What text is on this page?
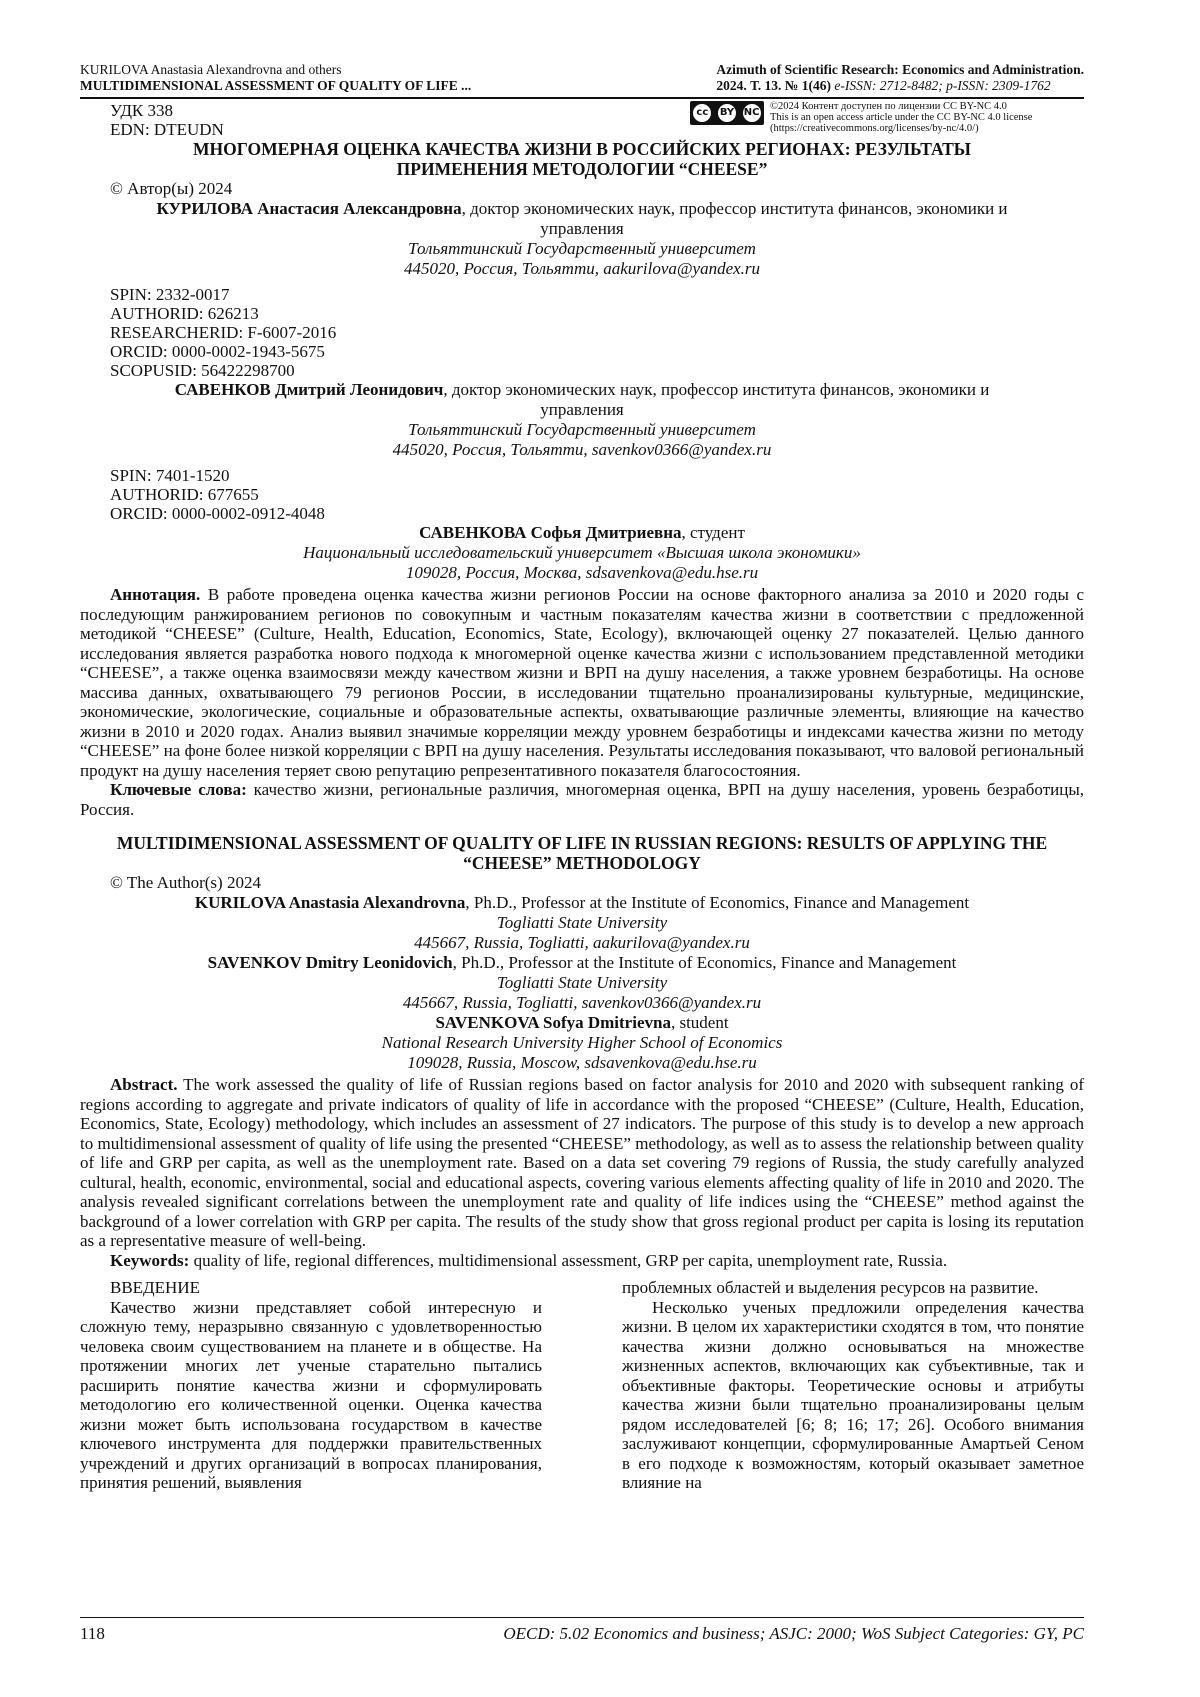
KURILOVA Anastasia Alexandrovna and others
MULTIDIMENSIONAL ASSESSMENT OF QUALITY OF LIFE ...
Azimuth of Scientific Research: Economics and Administration.
2024. Т. 13. № 1(46) e-ISSN: 2712-8482; p-ISSN: 2309-1762
УДК 338
EDN: DTEUDN
cc	BY NC
©2024 Контент доступен по лицензии CC BY-NC 4.0
This is an open access article under the CC BY-NC 4.0 license
(https://creativecommons.org/licenses/by-nc/4.0/)
МНОГОМЕРНАЯ ОЦЕНКА КАЧЕСТВА ЖИЗНИ В РОССИЙСКИХ РЕГИОНАХ: РЕЗУЛЬТАТЫ ПРИМЕНЕНИЯ МЕТОДОЛОГИИ “CHEESE”
© Автор(ы) 2024
КУРИЛОВА Анастасия Александровна, доктор экономических наук, профессор института финансов, экономики и управления
Тольяттинский Государственный университет
445020, Россия, Тольятти, aakurilova@yandex.ru
SPIN: 2332-0017
AUTHORID: 626213
RESEARCHERID: F-6007-2016
ORCID: 0000-0002-1943-5675
SCOPUSID: 56422298700
САВЕНКОВ Дмитрий Леонидович, доктор экономических наук, профессор института финансов, экономики и управления
Тольяттинский Государственный университет
445020, Россия, Тольятти, savenkov0366@yandex.ru
SPIN: 7401-1520
AUTHORID: 677655
ORCID: 0000-0002-0912-4048
САВЕНКОВА Софья Дмитриевна, студент
Национальный исследовательский университет «Высшая школа экономики»
109028, Россия, Москва, sdsavenkova@edu.hse.ru
Аннотация. В работе проведена оценка качества жизни регионов России на основе факторного анализа за 2010 и 2020 годы с последующим ранжированием регионов по совокупным и частным показателям качества жизни в соответствии с предложенной методикой “CHEESE” (Culture, Health, Education, Economics, State, Ecology), включающей оценку 27 показателей. Целью данного исследования является разработка нового подхода к многомерной оценке качества жизни с использованием представленной методики “CHEESE”, а также оценка взаимосвязи между качеством жизни и ВРП на душу населения, а также уровнем безработицы. На основе массива данных, охватывающего 79 регионов России, в исследовании тщательно проанализированы культурные, медицинские, экономические, экологические, социальные и образовательные аспекты, охватывающие различные элементы, влияющие на качество жизни в 2010 и 2020 годах. Анализ выявил значимые корреляции между уровнем безработицы и индексами качества жизни по методу “CHEESE” на фоне более низкой корреляции с ВРП на душу населения. Результаты исследования показывают, что валовой региональный продукт на душу населения теряет свою репутацию репрезентативного показателя благосостояния.
Ключевые слова: качество жизни, региональные различия, многомерная оценка, ВРП на душу населения, уровень безработицы, Россия.
MULTIDIMENSIONAL ASSESSMENT OF QUALITY OF LIFE IN RUSSIAN REGIONS: RESULTS OF APPLYING THE “CHEESE” METHODOLOGY
© The Author(s) 2024
KURILOVA Anastasia Alexandrovna, Ph.D., Professor at the Institute of Economics, Finance and Management
Togliatti State University
445667, Russia, Togliatti, aakurilova@yandex.ru
SAVENKOV Dmitry Leonidovich, Ph.D., Professor at the Institute of Economics, Finance and Management
Togliatti State University
445667, Russia, Togliatti, savenkov0366@yandex.ru
SAVENKOVA Sofya Dmitrievna, student
National Research University Higher School of Economics
109028, Russia, Moscow, sdsavenkova@edu.hse.ru
Abstract. The work assessed the quality of life of Russian regions based on factor analysis for 2010 and 2020 with subsequent ranking of regions according to aggregate and private indicators of quality of life in accordance with the proposed “CHEESE” (Culture, Health, Education, Economics, State, Ecology) methodology, which includes an assessment of 27 indicators. The purpose of this study is to develop a new approach to multidimensional assessment of quality of life using the presented “CHEESE” methodology, as well as to assess the relationship between quality of life and GRP per capita, as well as the unemployment rate. Based on a data set covering 79 regions of Russia, the study carefully analyzed cultural, health, economic, environmental, social and educational aspects, covering various elements affecting quality of life in 2010 and 2020. The analysis revealed significant correlations between the unemployment rate and quality of life indices using the “CHEESE” method against the background of a lower correlation with GRP per capita. The results of the study show that gross regional product per capita is losing its reputation as a representative measure of well-being.
Keywords: quality of life, regional differences, multidimensional assessment, GRP per capita, unemployment rate, Russia.
ВВЕДЕНИЕ

Качество жизни представляет собой интересную и сложную тему, неразрывно связанную с удовлетворенностью человека своим существованием на планете и в обществе. На протяжении многих лет ученые старательно пытались расширить понятие качества жизни и сформулировать методологию его количественной оценки. Оценка качества жизни может быть использована государством в качестве ключевого инструмента для поддержки правительственных учреждений и других организаций в вопросах планирования, принятия решений, выявления

проблемных областей и выделения ресурсов на развитие.

Несколько ученых предложили определения качества жизни. В целом их характеристики сходятся в том, что понятие качества жизни должно основываться на множестве жизненных аспектов, включающих как субъективные, так и объективные факторы. Теоретические основы и атрибуты качества жизни были тщательно проанализированы целым рядом исследователей [6; 8; 16; 17; 26]. Особого внимания заслуживают концепции, сформулированные Амартьей Сеном в его подходе к возможностям, который оказывает заметное влияние на

118	OECD: 5.02 Economics and business; ASJC: 2000; WoS Subject Categories: GY, PC
